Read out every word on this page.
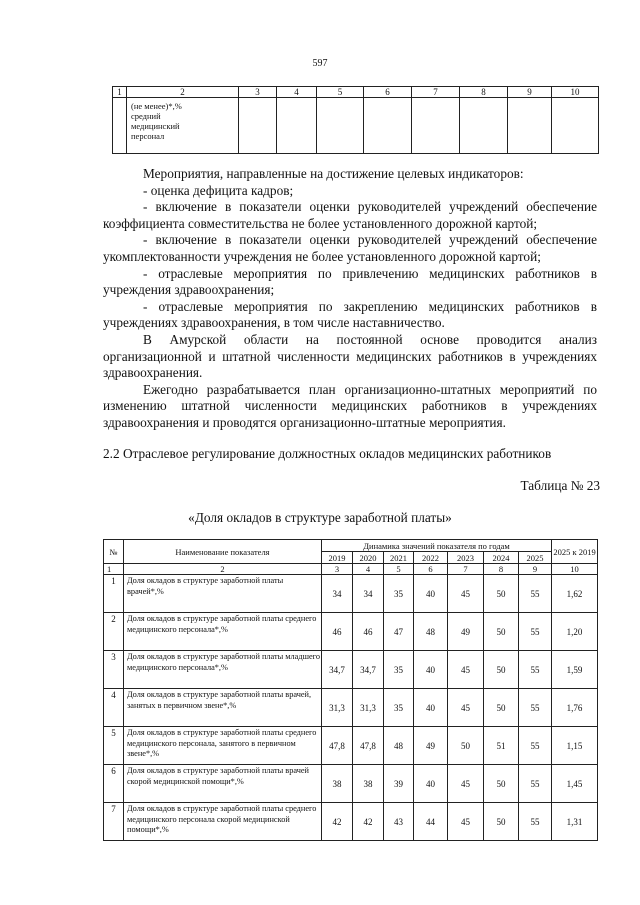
597
1	2	3	4	5	6	7	8	9	10

	(не менее)*,%
средний
медицинский
персонал								

Мероприятия, направленные на достижение целевых индикаторов:

- оценка дефицита кадров;

- включение в показатели оценки руководителей учреждений обеспечение коэффициента совместительства не более установленного дорожной картой;

- включение в показатели оценки руководителей учреждений обеспечение укомплектованности учреждения не более установленного дорожной картой;

- отраслевые мероприятия по привлечению медицинских работников в учреждения здравоохранения;

- отраслевые мероприятия по закреплению медицинских работников в учреждениях здравоохранения, в том числе наставничество.

В Амурской области на постоянной основе проводится анализ организационной и штатной численности медицинских работников в учреждениях здравоохранения.

Ежегодно разрабатывается план организационно-штатных мероприятий по изменению штатной численности медицинских работников в учреждениях здравоохранения и проводятся организационно-штатные мероприятия.

2.2 Отраслевое регулирование должностных окладов медицинских работников
Таблица № 23
«Доля окладов в структуре заработной платы»
№	Наименование показателя	Динамика значений показателя по годам							2025 к 2019
		2019	2020	2021	2022	2023	2024	2025	
1	2	3	4	5	6	7	8	9	10
1	Доля окладов в структуре заработной платы врачей*,%	34	34	35	40	45	50	55	1,62
2	Доля окладов в структуре заработной платы среднего медицинского персонала*,%	46	46	47	48	49	50	55	1,20
3	Доля окладов в структуре заработной платы младшего медицинского персонала*,%	34,7	34,7	35	40	45	50	55	1,59
4	Доля окладов в структуре заработной платы врачей, занятых в первичном звене*,%	31,3	31,3	35	40	45	50	55	1,76
5	Доля окладов в структуре заработной платы среднего медицинского персонала, занятого в первичном звене*,%	47,8	47,8	48	49	50	51	55	1,15
6	Доля окладов в структуре заработной платы врачей скорой медицинской помощи*,%	38	38	39	40	45	50	55	1,45
7	Доля окладов в структуре заработной платы среднего медицинского персонала скорой медицинской помощи*,%	42	42	43	44	45	50	55	1,31
